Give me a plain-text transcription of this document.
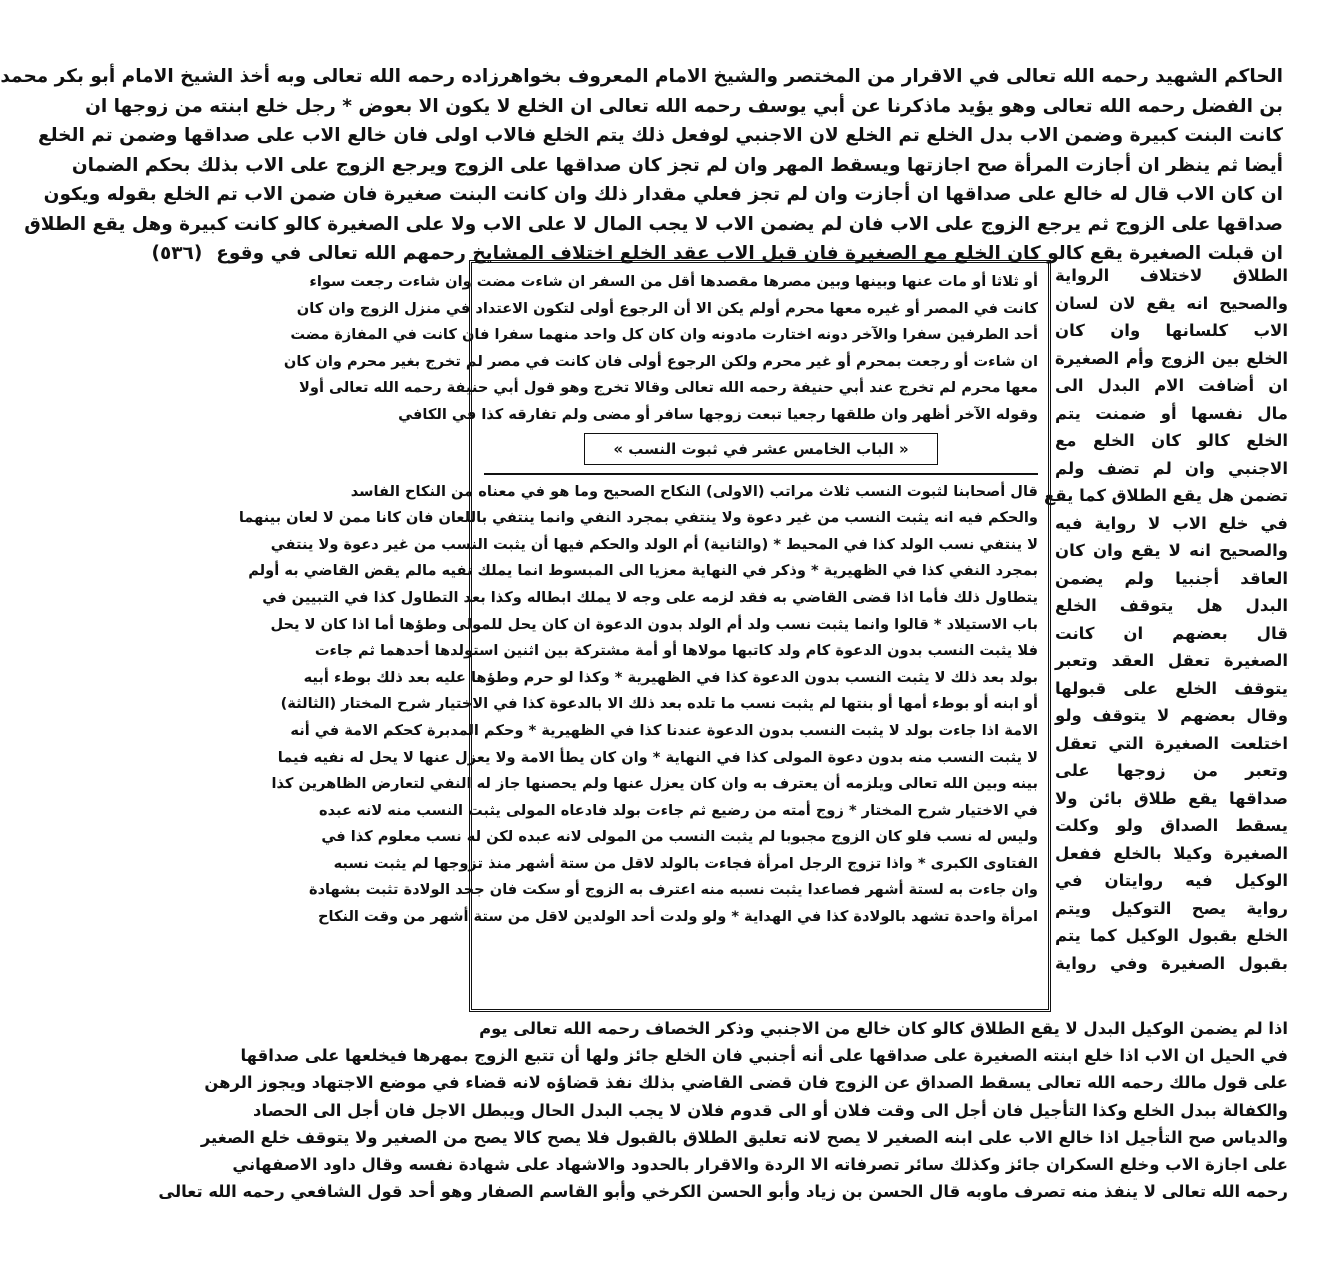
الحاكم الشهيد رحمه الله تعالى في الاقرار من المختصر والشيخ الامام المعروف بخواهرزاده رحمه الله تعالى وبه أخذ الشيخ الامام أبو بكر محمد

بن الفضل رحمه الله تعالى وهو يؤيد ماذكرنا عن أبي يوسف رحمه الله تعالى ان الخلع لا يكون الا بعوض * رجل خلع ابنته من زوجها ان

كانت البنت كبيرة وضمن الاب بدل الخلع تم الخلع لان الاجنبي لوفعل ذلك يتم الخلع فالاب اولى فان خالع الاب على صداقها وضمن تم الخلع

أيضا ثم ينظر ان أجازت المرأة صح اجازتها ويسقط المهر وان لم تجز كان صداقها على الزوج ويرجع الزوج على الاب بذلك بحكم الضمان

ان كان الاب قال له خالع على صداقها ان أجازت وان لم تجز فعلي مقدار ذلك وان كانت البنت صغيرة فان ضمن الاب تم الخلع بقوله ويكون

صداقها على الزوج ثم يرجع الزوج على الاب فان لم يضمن الاب لا يجب المال لا على الاب ولا على الصغيرة كالو كانت كبيرة وهل يقع الطلاق

ان قبلت الصغيرة يقع كالو كان الخلع مع الصغيرة فان قبل الاب عقد الخلع اختلاف المشايخ رحمهم الله تعالى في وقوع(٥٣٦)

الطلاق لاختلاف الرواية

والصحيح انه يقع لان لسان

الاب كلسانها وان كان

الخلع بين الزوج وأم الصغيرة

ان أضافت الام البدل الى

مال نفسها أو ضمنت يتم

الخلع كالو كان الخلع مع

الاجنبي وان لم تضف ولم

تضمن هل يقع الطلاق كما يقع

في خلع الاب لا رواية فيه

والصحيح انه لا يقع وان كان

العاقد أجنبيا ولم يضمن

البدل هل يتوقف الخلع

قال بعضهم ان كانت

الصغيرة تعقل العقد وتعبر

يتوقف الخلع على قبولها

وقال بعضهم لا يتوقف ولو

اختلعت الصغيرة التي تعقل

وتعبر من زوجها على

صداقها يقع طلاق بائن ولا

يسقط الصداق ولو وكلت

الصغيرة وكيلا بالخلع ففعل

الوكيل فيه روايتان في

رواية يصح التوكيل ويتم

الخلع بقبول الوكيل كما يتم

بقبول الصغيرة وفي رواية

أو ثلاثا أو مات عنها وبينها وبين مصرها مقصدها أقل من السفر ان شاءت مضت وان شاءت رجعت سواء

كانت في المصر أو غيره معها محرم أولم يكن الا أن الرجوع أولى لتكون الاعتداد في منزل الزوج وان كان

أحد الطرفين سفرا والآخر دونه اختارت مادونه وان كان كل واحد منهما سفرا فان كانت في المفازة مضت

ان شاءت أو رجعت بمحرم أو غير محرم ولكن الرجوع أولى فان كانت في مصر لم تخرج بغير محرم وان كان

معها محرم لم تخرج عند أبي حنيفة رحمه الله تعالى وقالا تخرج وهو قول أبي حنيفة رحمه الله تعالى أولا

وقوله الآخر أظهر وان طلقها رجعيا تبعت زوجها سافر أو مضى ولم تفارقه كذا في الكافي

« الباب الخامس عشر في ثبوت النسب »

قال أصحابنا لثبوت النسب ثلاث مراتب (الاولى) النكاح الصحيح وما هو في معناه من النكاح الفاسد

والحكم فيه انه يثبت النسب من غير دعوة ولا ينتفي بمجرد النفي وانما ينتفي باللعان فان كانا ممن لا لعان بينهما

لا ينتفي نسب الولد كذا في المحيط * (والثانية) أم الولد والحكم فيها أن يثبت النسب من غير دعوة ولا ينتفي

بمجرد النفي كذا في الظهيرية * وذكر في النهاية معزيا الى المبسوط انما يملك نفيه مالم يقض القاضي به أولم

يتطاول ذلك فأما اذا قضى القاضي به فقد لزمه على وجه لا يملك ابطاله وكذا بعد التطاول كذا في التبيين في

باب الاستيلاد * قالوا وانما يثبت نسب ولد أم الولد بدون الدعوة ان كان يحل للمولى وطؤها أما اذا كان لا يحل

فلا يثبت النسب بدون الدعوة كام ولد كاتبها مولاها أو أمة مشتركة بين اثنين استولدها أحدهما ثم جاءت

بولد بعد ذلك لا يثبت النسب بدون الدعوة كذا في الظهيرية * وكذا لو حرم وطؤها عليه بعد ذلك بوطء أبيه

أو ابنه أو بوطء أمها أو بنتها لم يثبت نسب ما تلده بعد ذلك الا بالدعوة كذا في الاختيار شرح المختار (الثالثة)

الامة اذا جاءت بولد لا يثبت النسب بدون الدعوة عندنا كذا في الظهيرية * وحكم المدبرة كحكم الامة في أنه

لا يثبت النسب منه بدون دعوة المولى كذا في النهاية * وان كان يطأ الامة ولا يعزل عنها لا يحل له نفيه فيما

بينه وبين الله تعالى ويلزمه أن يعترف به وان كان يعزل عنها ولم يحصنها جاز له النفي لتعارض الظاهرين كذا

في الاختيار شرح المختار * زوج أمته من رضيع ثم جاءت بولد فادعاه المولى يثبت النسب منه لانه عبده

وليس له نسب فلو كان الزوج مجبوبا لم يثبت النسب من المولى لانه عبده لكن له نسب معلوم كذا في

الفتاوى الكبرى * واذا تزوج الرجل امرأة فجاءت بالولد لاقل من ستة أشهر منذ تزوجها لم يثبت نسبه

وان جاءت به لستة أشهر فصاعدا يثبت نسبه منه اعترف به الزوج أو سكت فان جحد الولادة تثبت بشهادة

امرأة واحدة تشهد بالولادة كذا في الهداية * ولو ولدت أحد الولدين لاقل من ستة أشهر من وقت النكاح

اذا لم يضمن الوكيل البدل لا يقع الطلاق كالو كان خالع من الاجنبي وذكر الخصاف رحمه الله تعالى يوم

في الحيل ان الاب اذا خلع ابنته الصغيرة على صداقها على أنه أجنبي فان الخلع جائز ولها أن تتبع الزوج بمهرها فيخلعها على صداقها

على قول مالك رحمه الله تعالى يسقط الصداق عن الزوج فان قضى القاضي بذلك نفذ قضاؤه لانه قضاء في موضع الاجتهاد ويجوز الرهن

والكفالة ببدل الخلع وكذا التأجيل فان أجل الى وقت فلان أو الى قدوم فلان لا يجب البدل الحال ويبطل الاجل فان أجل الى الحصاد

والدياس صح التأجيل اذا خالع الاب على ابنه الصغير لا يصح لانه تعليق الطلاق بالقبول فلا يصح كالا يصح من الصغير ولا يتوقف خلع الصغير

على اجازة الاب وخلع السكران جائز وكذلك سائر تصرفاته الا الردة والاقرار بالحدود والاشهاد على شهادة نفسه وقال داود الاصفهاني

رحمه الله تعالى لا ينفذ منه تصرف ماوبه قال الحسن بن زياد وأبو الحسن الكرخي وأبو القاسم الصفار وهو أحد قول الشافعي رحمه الله تعالى
